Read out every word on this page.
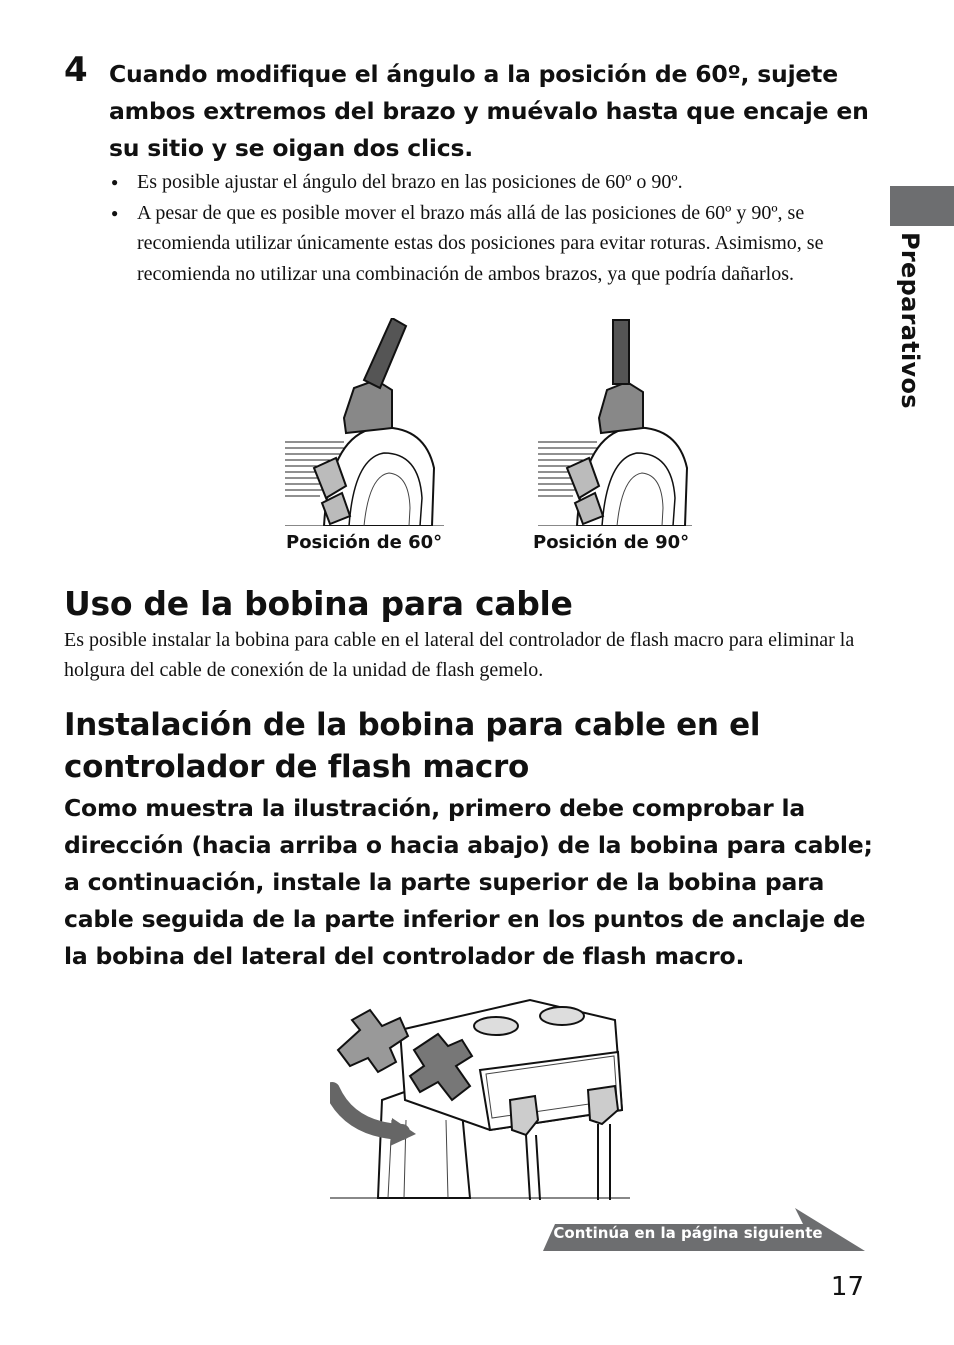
4 Cuando modifique el ángulo a la posición de 60º, sujete ambos extremos del brazo y muévalo hasta que encaje en su sitio y se oigan dos clics.
● Es posible ajustar el ángulo del brazo en las posiciones de 60º o 90º.
● A pesar de que es posible mover el brazo más allá de las posiciones de 60º y 90º, se recomienda utilizar únicamente estas dos posiciones para evitar roturas. Asimismo, se recomienda no utilizar una combinación de ambos brazos, ya que podría dañarlos.
Posición de 60°	Posición de 90°
Uso de la bobina para cable
Es posible instalar la bobina para cable en el lateral del controlador de flash macro para eliminar la holgura del cable de conexión de la unidad de flash gemelo.
Instalación de la bobina para cable en el controlador de flash macro
Como muestra la ilustración, primero debe comprobar la dirección (hacia arriba o hacia abajo) de la bobina para cable; a continuación, instale la parte superior de la bobina para cable seguida de la parte inferior en los puntos de anclaje de la bobina del lateral del controlador de flash macro.
Preparativos
Continúa en la página siguiente
17
